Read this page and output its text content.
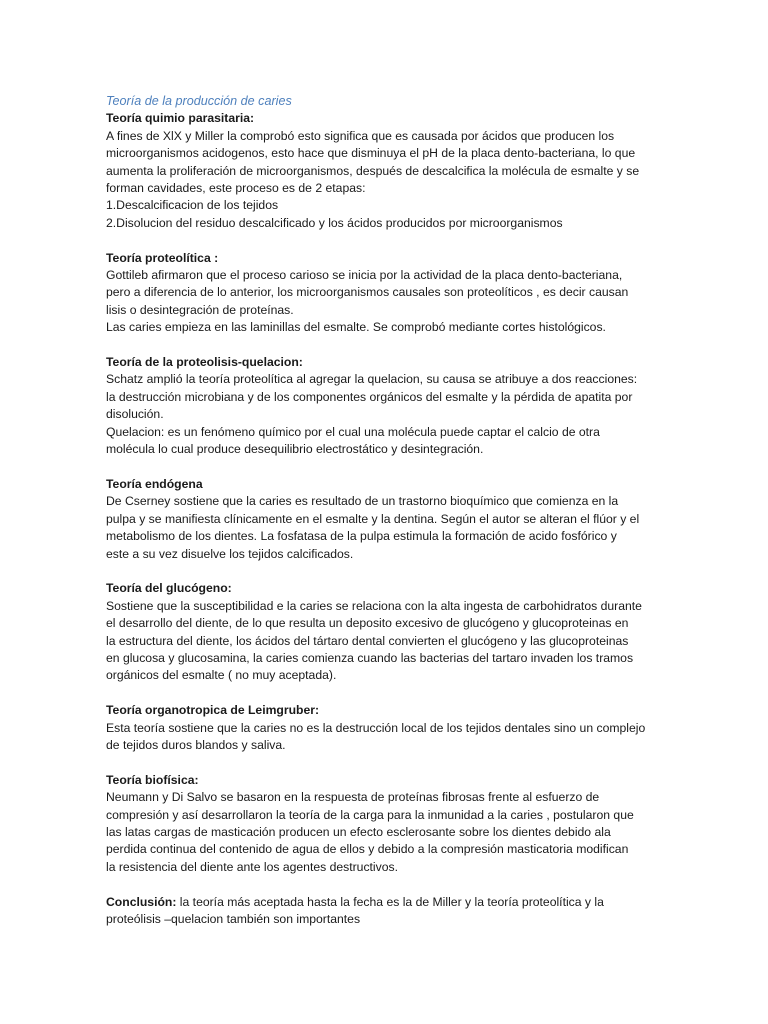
Teoría de la producción de caries

Teoría quimio parasitaria:

A fines de XlX y Miller la comprobó esto significa que es causada por ácidos que producen los

microorganismos acidogenos, esto hace que disminuya el pH de la placa dento-bacteriana, lo que

aumenta la proliferación de microorganismos, después de descalcifica la molécula de esmalte y se

forman cavidades, este proceso es de 2 etapas:

1.Descalcificacion de los tejidos

2.Disolucion del residuo descalcificado y los ácidos producidos por microorganismos

Teoría proteolítica :

Gottileb afirmaron que el proceso carioso se inicia por la actividad de la placa dento-bacteriana,

pero a diferencia de lo anterior, los microorganismos causales son proteolíticos , es decir causan

lisis o desintegración de proteínas.

Las caries empieza en las laminillas del esmalte. Se comprobó mediante cortes histológicos.

Teoría de la proteolisis-quelacion:

Schatz amplió la teoría proteolítica al agregar la quelacion, su causa se atribuye a dos reacciones:

la destrucción microbiana y de los componentes orgánicos del esmalte y la pérdida de apatita por

disolución.

Quelacion: es un fenómeno químico por el cual una molécula puede captar el calcio de otra

molécula lo cual produce desequilibrio electrostático y desintegración.

Teoría endógena

De Cserney sostiene que la caries es resultado de un trastorno bioquímico que comienza en la

pulpa y se manifiesta clínicamente en el esmalte y la dentina. Según el autor se alteran el flúor y el

metabolismo de los dientes. La fosfatasa de la pulpa estimula la formación de acido fosfórico y

este a su vez disuelve los tejidos calcificados.

Teoría del glucógeno:

Sostiene que la susceptibilidad e la caries se relaciona con la alta ingesta de carbohidratos durante

el desarrollo del diente, de lo que resulta un deposito excesivo de glucógeno y glucoproteinas en

la estructura del diente, los ácidos del tártaro dental convierten el glucógeno y las glucoproteinas

en glucosa y glucosamina, la caries comienza cuando las bacterias del tartaro invaden los tramos

orgánicos del esmalte ( no muy aceptada).

Teoría organotropica de Leimgruber:

Esta teoría sostiene que la caries no es la destrucción local de los tejidos dentales sino un complejo

de tejidos duros blandos y saliva.

Teoría biofísica:

Neumann y Di Salvo se basaron en la respuesta de proteínas fibrosas frente al esfuerzo de

compresión y así desarrollaron la teoría de la carga para la inmunidad a la caries , postularon que

las latas cargas de masticación producen un efecto esclerosante sobre los dientes debido ala

perdida continua del contenido de agua de ellos y debido a la compresión masticatoria modifican

la resistencia del diente ante los agentes destructivos.

Conclusión: la teoría más aceptada hasta la fecha es la de Miller y la teoría proteolítica y la

proteólisis –quelacion también son importantes
